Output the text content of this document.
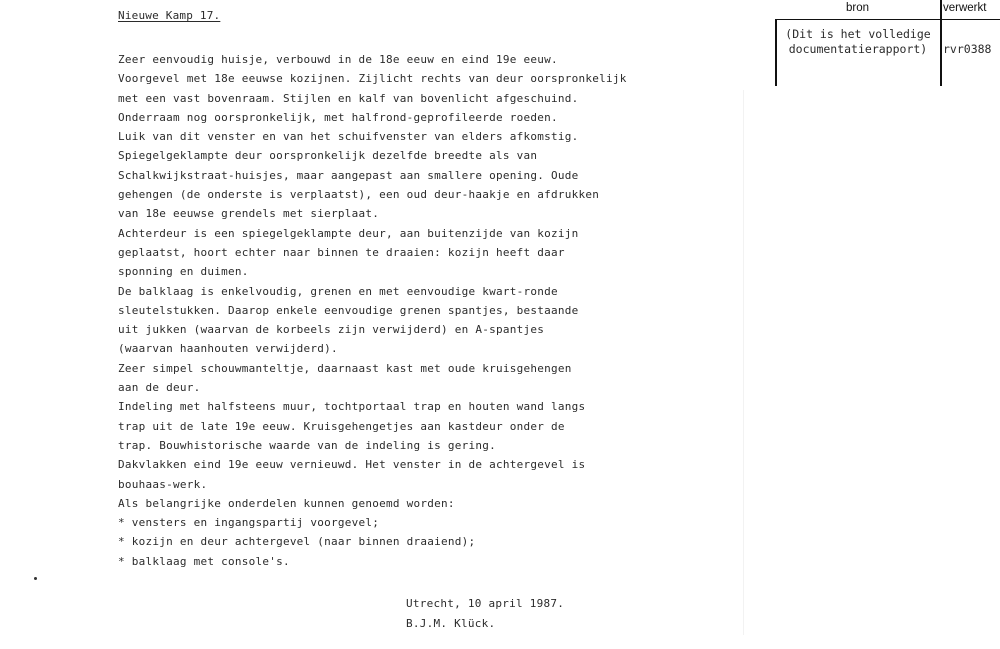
Nieuwe Kamp 17.
Zeer eenvoudig huisje, verbouwd in de 18e eeuw en eind 19e eeuw.
Voorgevel met 18e eeuwse kozijnen. Zijlicht rechts van deur oorspronkelijk
met een vast bovenraam. Stijlen en kalf van bovenlicht afgeschuind.
Onderraam nog oorspronkelijk, met halfrond-geprofileerde roeden.
Luik van dit venster en van het schuifvenster van elders afkomstig.
Spiegelgeklampte deur oorspronkelijk dezelfde breedte als van
Schalkwijkstraat-huisjes, maar aangepast aan smallere opening. Oude
gehengen (de onderste is verplaatst), een oud deur-haakje en afdrukken
van 18e eeuwse grendels met sierplaat.
Achterdeur is een spiegelgeklampte deur, aan buitenzijde van kozijn
geplaatst, hoort echter naar binnen te draaien: kozijn heeft daar
sponning en duimen.
De balklaag is enkelvoudig, grenen en met eenvoudige kwart-ronde
sleutelstukken. Daarop enkele eenvoudige grenen spantjes, bestaande
uit jukken (waarvan de korbeels zijn verwijderd) en A-spantjes
(waarvan haanhouten verwijderd).
Zeer simpel schouwmanteltje, daarnaast kast met oude kruisgehengen
aan de deur.
Indeling met halfsteens muur, tochtportaal trap en houten wand langs
trap uit de late 19e eeuw. Kruisgehengetjes aan kastdeur onder de
trap. Bouwhistorische waarde van de indeling is gering.
Dakvlakken eind 19e eeuw vernieuwd. Het venster in de achtergevel is
bouhaas-werk.
Als belangrijke onderdelen kunnen genoemd worden:
* vensters en ingangspartij voorgevel;
* kozijn en deur achtergevel (naar binnen draaiend);
* balklaag met console's.
Utrecht, 10 april 1987.
B.J.M. Klück.
bron	verwerkt
(Dit is het volledige
documentatierapport)	rvr0388
